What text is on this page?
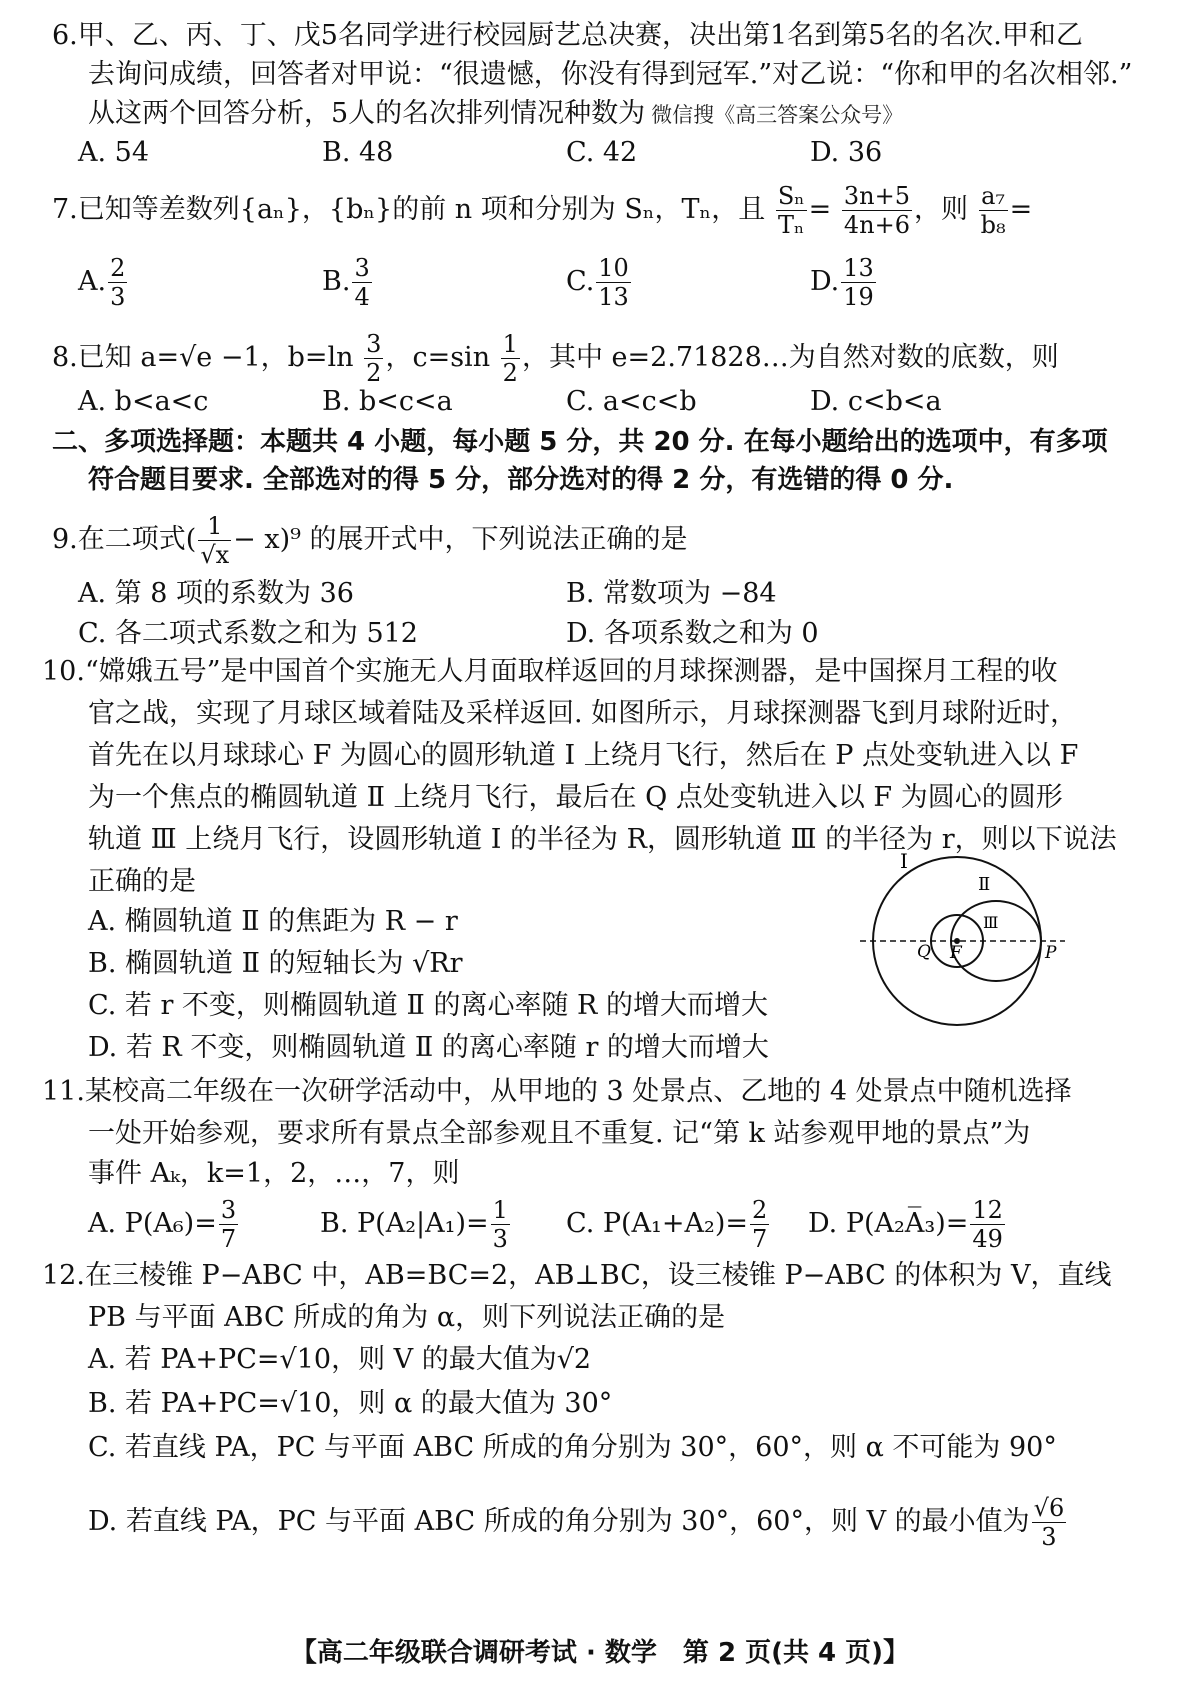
6.甲、乙、丙、丁、戊5名同学进行校园厨艺总决赛，决出第1名到第5名的名次.甲和乙
去询问成绩，回答者对甲说：“很遗憾，你没有得到冠军.”对乙说：“你和甲的名次相邻.”
从这两个回答分析，5人的名次排列情况种数为 微信搜《高三答案公众号》
A. 54	B. 48	C. 42	D. 36
7.已知等差数列{aₙ}，{bₙ}的前 n 项和分别为 Sₙ，Tₙ，且 $\frac{\text{Sₙ}}{\text{Tₙ}} = \frac{3n+5}{4n+6}$ ，则 $\frac{\text{a₇}}{\text{b₈}}$ =
A. $\frac{2}{3}$	B. $\frac{3}{4}$	C. $\frac{10}{13}$	D. $\frac{13}{19}$
8.已知 a=√e −1，$b=\ln \frac{3}{2}$ ，$c=\sin \frac{1}{2}$ ，其中 e=2.71828…为自然对数的底数，则
A. b<a<c	B. b<c<a	C. a<c<b	D. c<b<a
二、多项选择题：本题共 4 小题，每小题 5 分，共 20 分. 在每小题给出的选项中，有多项
符合题目要求. 全部选对的得 5 分，部分选对的得 2 分，有选错的得 0 分.
9.在二项式( $\frac{1}{√x} - x)^9$ 的展开式中，下列说法正确的是
A. 第 8 项的系数为 36	B. 常数项为 −84
C. 各二项式系数之和为 512	D. 各项系数之和为 0
10.“嫦娥五号”是中国首个实施无人月面取样返回的月球探测器，是中国探月工程的收
官之战，实现了月球区域着陆及采样返回. 如图所示，月球探测器飞到月球附近时，
首先在以月球球心 F 为圆心的圆形轨道 Ⅰ 上绕月飞行，然后在 P 点处变轨进入以 F
为一个焦点的椭圆轨道 Ⅱ 上绕月飞行，最后在 Q 点处变轨进入以 F 为圆心的圆形
轨道 Ⅲ 上绕月飞行，设圆形轨道 Ⅰ 的半径为 R，圆形轨道 Ⅲ 的半径为 r，则以下说法
正确的是
A. 椭圆轨道 Ⅱ 的焦距为 R − r
B. 椭圆轨道 Ⅱ 的短轴长为 √Rr
C. 若 r 不变，则椭圆轨道 Ⅱ 的离心率随 R 的增大而增大
D. 若 R 不变，则椭圆轨道 Ⅱ 的离心率随 r 的增大而增大
Ⅰ
Ⅱ
Ⅲ
Q F	P
11.某校高二年级在一次研学活动中，从甲地的 3 处景点、乙地的 4 处景点中随机选择
一处开始参观，要求所有景点全部参观且不重复. 记“第 k 站参观甲地的景点”为
事件 Aₖ，k=1，2，…，7，则
A. $P(A_6)= \frac{3}{7}$	B. $P(A_2|A_1)= \frac{1}{3} C$. $P(A_1+A_2)= \frac{2}{7} D$. P(A₂A̅₃)= $\frac{12}{49}$
12.在三棱锥 P−ABC 中，AB=BC=2，AB⊥BC，设三棱锥 P−ABC 的体积为 V，直线
PB 与平面 ABC 所成的角为 α，则下列说法正确的是
A. 若 PA+PC=√10，则 V 的最大值为√2
B. 若 PA+PC=√10，则 α 的最大值为 30°
C. 若直线 PA，PC 与平面 ABC 所成的角分别为 30°，60°，则 α 不可能为 90°
D. 若直线 PA，PC 与平面 ABC 所成的角分别为 30°，60°，则 V 的最小值为 $\frac{√6}{3}$
【高二年级联合调研考试 · 数学　第 2 页(共 4 页)】
